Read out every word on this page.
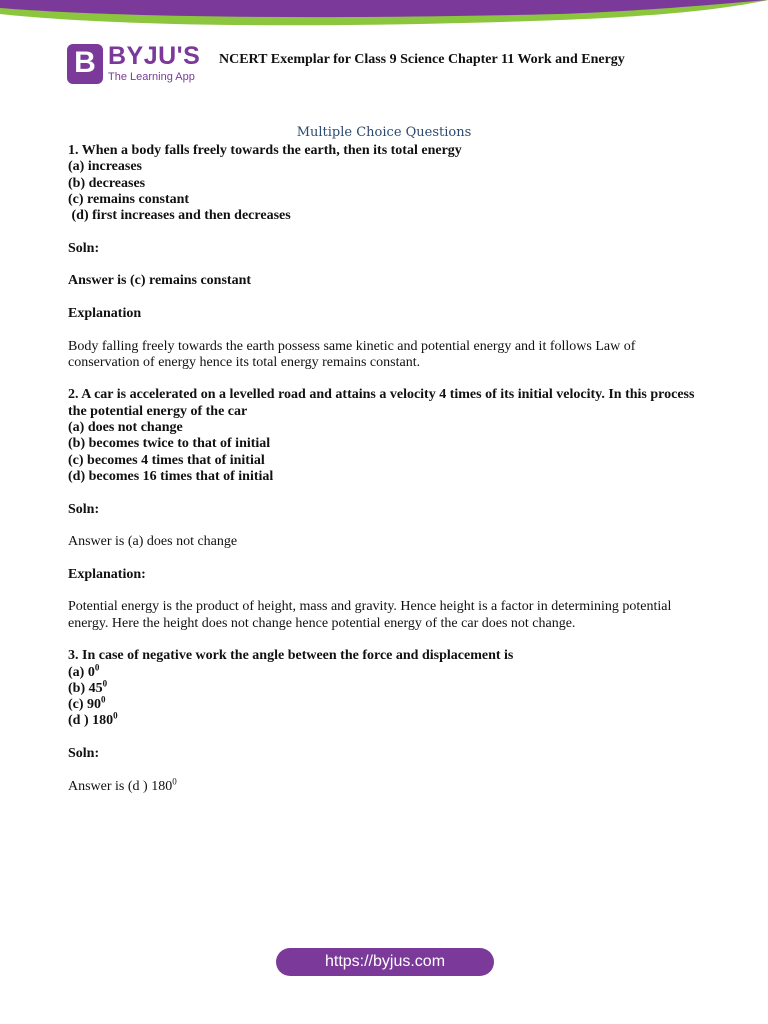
B BYJU'S
The Learning App
NCERT Exemplar for Class 9 Science Chapter 11 Work and Energy
Multiple Choice Questions
1. When a body falls freely towards the earth, then its total energy
(a) increases
(b) decreases
(c) remains constant
(d) first increases and then decreases
Soln:
Answer is (c) remains constant
Explanation
Body falling freely towards the earth possess same kinetic and potential energy and it follows Law of
conservation of energy hence its total energy remains constant.
2. A car is accelerated on a levelled road and attains a velocity 4 times of its initial velocity. In this process
the potential energy of the car
(a) does not change
(b) becomes twice to that of initial
(c) becomes 4 times that of initial
(d) becomes 16 times that of initial
Soln:
Answer is (a) does not change
Explanation:
Potential energy is the product of height, mass and gravity. Hence height is a factor in determining potential
energy. Here the height does not change hence potential energy of the car does not change.
3. In case of negative work the angle between the force and displacement is
(a) $0^0$
(b) $45^0$
(c) $90^0$
(d ) $180^0$
Soln:
Answer is (d ) $180^0$
https://byjus.com
